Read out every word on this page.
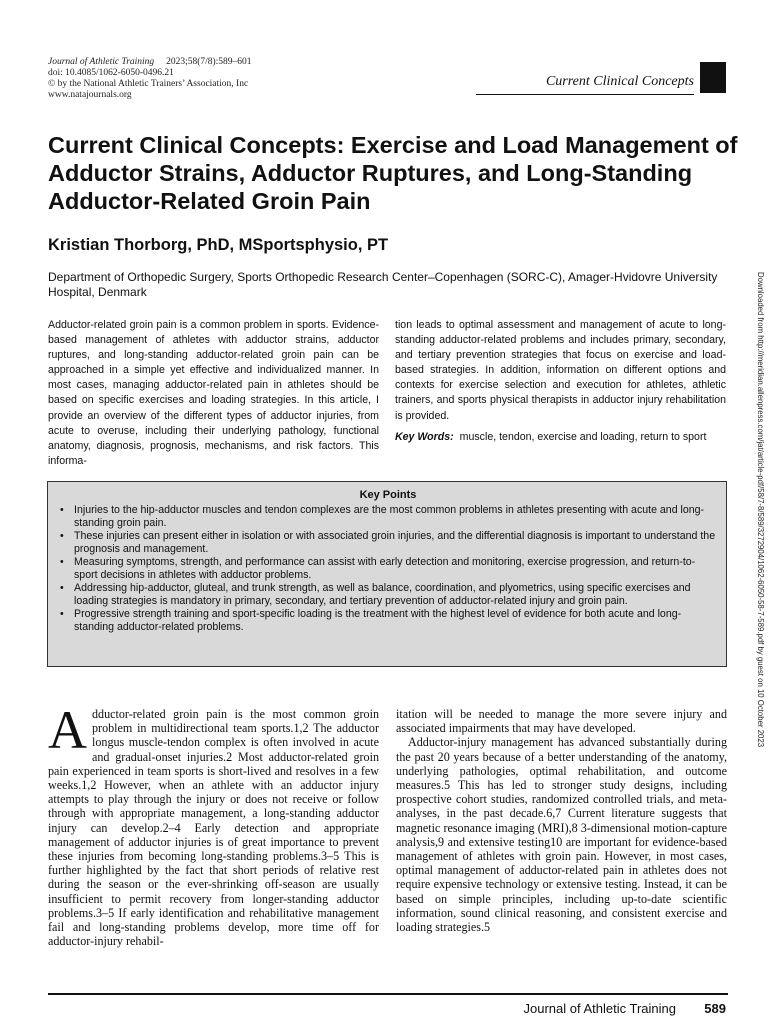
Journal of Athletic Training 2023;58(7/8):589–601
doi: 10.4085/1062-6050-0496.21
© by the National Athletic Trainers’ Association, Inc
www.natajournals.org
Current Clinical Concepts
Current Clinical Concepts: Exercise and Load Management of Adductor Strains, Adductor Ruptures, and Long-Standing Adductor-Related Groin Pain
Kristian Thorborg, PhD, MSportsphysio, PT
Department of Orthopedic Surgery, Sports Orthopedic Research Center–Copenhagen (SORC-C), Amager-Hvidovre University Hospital, Denmark
Adductor-related groin pain is a common problem in sports. Evidence-based management of athletes with adductor strains, adductor ruptures, and long-standing adductor-related groin pain can be approached in a simple yet effective and individualized manner. In most cases, managing adductor-related pain in athletes should be based on specific exercises and loading strategies. In this article, I provide an overview of the different types of adductor injuries, from acute to overuse, including their underlying pathology, functional anatomy, diagnosis, prognosis, mechanisms, and risk factors. This informa-
tion leads to optimal assessment and management of acute to long-standing adductor-related problems and includes primary, secondary, and tertiary prevention strategies that focus on exercise and load-based strategies. In addition, information on different options and contexts for exercise selection and execution for athletes, athletic trainers, and sports physical therapists in adductor injury rehabilitation is provided.
Key Words: muscle, tendon, exercise and loading, return to sport
Key Points
• Injuries to the hip-adductor muscles and tendon complexes are the most common problems in athletes presenting with acute and long-standing groin pain.
• These injuries can present either in isolation or with associated groin injuries, and the differential diagnosis is important to understand the prognosis and management.
• Measuring symptoms, strength, and performance can assist with early detection and monitoring, exercise progression, and return-to-sport decisions in athletes with adductor problems.
• Addressing hip-adductor, gluteal, and trunk strength, as well as balance, coordination, and plyometrics, using specific exercises and loading strategies is mandatory in primary, secondary, and tertiary prevention of adductor-related injury and groin pain.
• Progressive strength training and sport-specific loading is the treatment with the highest level of evidence for both acute and long-standing adductor-related problems.

Adductor-related groin pain is the most common groin problem in multidirectional team sports.1,2 The adductor longus muscle-tendon complex is often involved in acute and gradual-onset injuries.2 Most adductor-related groin pain experienced in team sports is short-lived and resolves in a few weeks.1,2 However, when an athlete with an adductor injury attempts to play through the injury or does not receive or follow through with appropriate management, a long-standing adductor injury can develop.2–4 Early detection and appropriate management of adductor injuries is of great importance to prevent these injuries from becoming long-standing problems.3–5 This is further highlighted by the fact that short periods of relative rest during the season or the ever-shrinking off-season are usually insufficient to permit recovery from longer-standing adductor problems.3–5 If early identification and rehabilitative management fail and long-standing problems develop, more time off for adductor-injury rehabil-

itation will be needed to manage the more severe injury and associated impairments that may have developed.

Adductor-injury management has advanced substantially during the past 20 years because of a better understanding of the anatomy, underlying pathologies, optimal rehabilitation, and outcome measures.5 This has led to stronger study designs, including prospective cohort studies, randomized controlled trials, and meta-analyses, in the past decade.6,7 Current literature suggests that magnetic resonance imaging (MRI),8 3-dimensional motion-capture analysis,9 and extensive testing10 are important for evidence-based management of athletes with groin pain. However, in most cases, optimal management of adductor-related pain in athletes does not require expensive technology or extensive testing. Instead, it can be based on simple principles, including up-to-date scientific information, sound clinical reasoning, and consistent exercise and loading strategies.5

Journal of Athletic Training	589
Downloaded from http://meridian.allenpress.com/jat/article-pdf/58/7-8/589/3272904/1062-6050-58-7-589.pdf by guest on 10 October 2023
